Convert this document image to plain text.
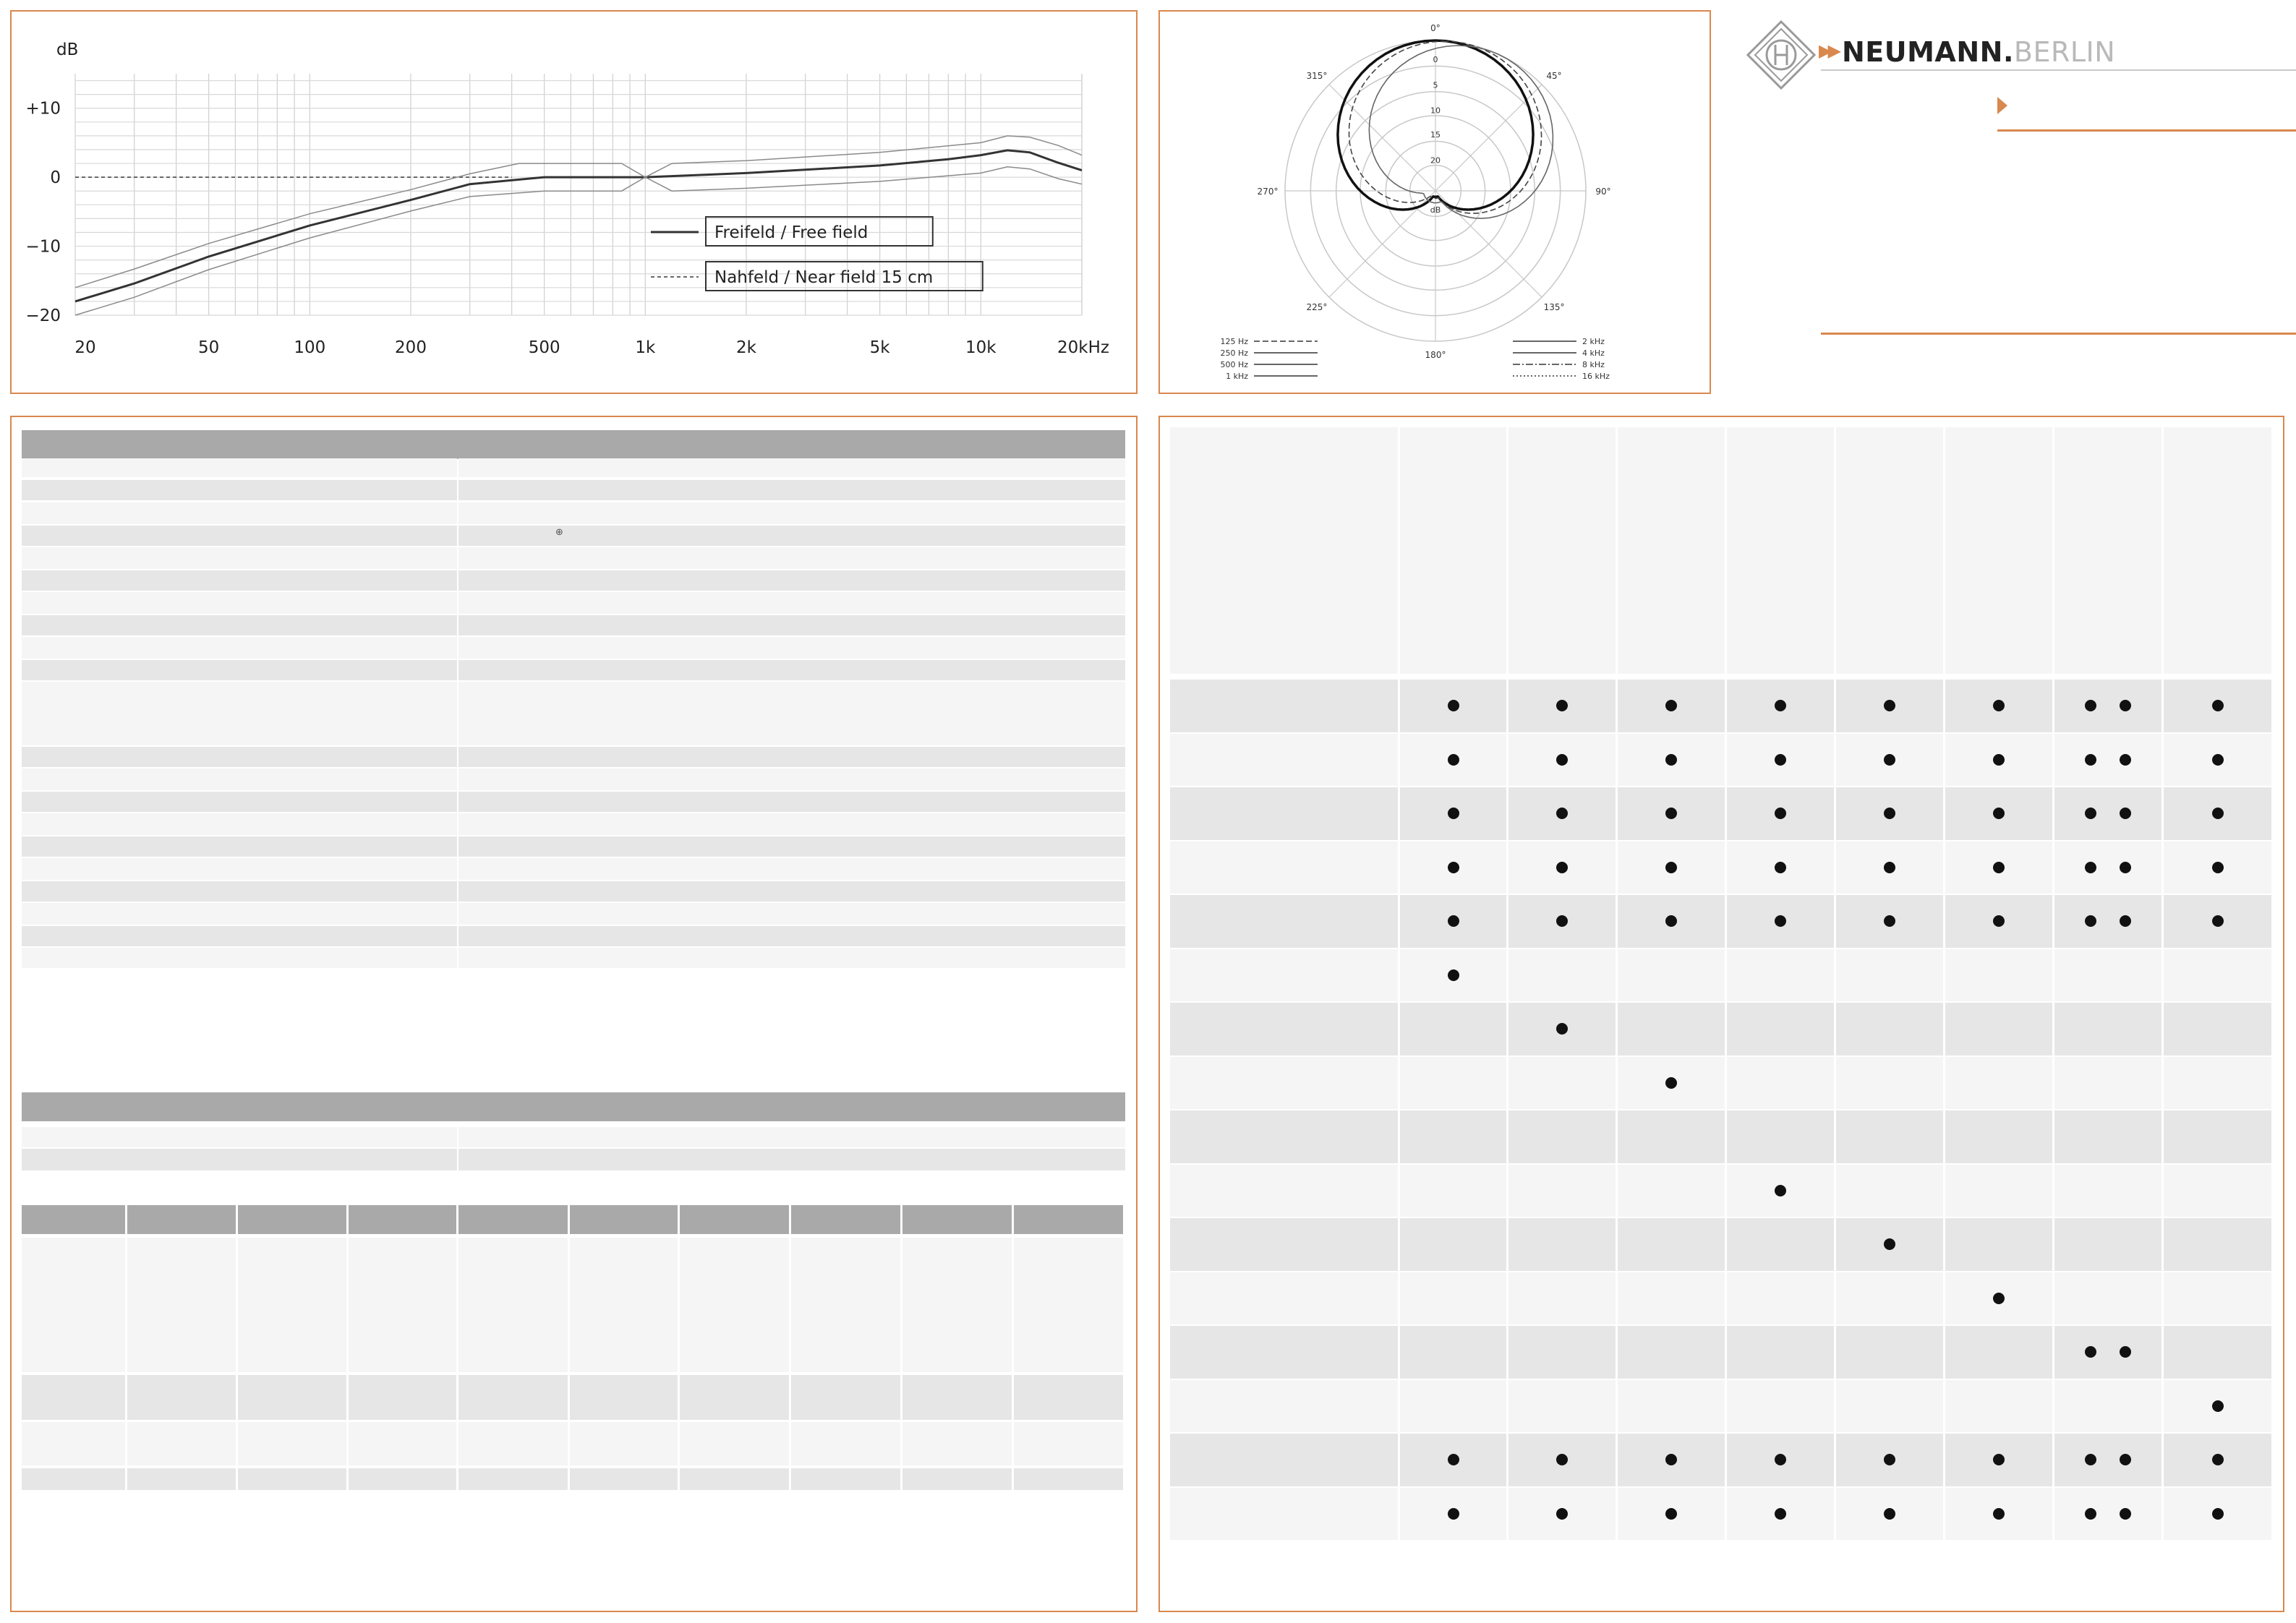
dB
+10
0
−10
−20
20	50	100	200	500	1k	2k	5k	10k	20kHz
Freifeld / Free field
Nahfeld / Near field 15 cm
0°
45°
90°
135°
180°
225°
270°
315°
0
5
10
15
20
dB
125 Hz
250 Hz
500 Hz
1 kHz
2 kHz
4 kHz
8 kHz
16 kHz
▶▶ NEUMANN.BERLIN
⊕
